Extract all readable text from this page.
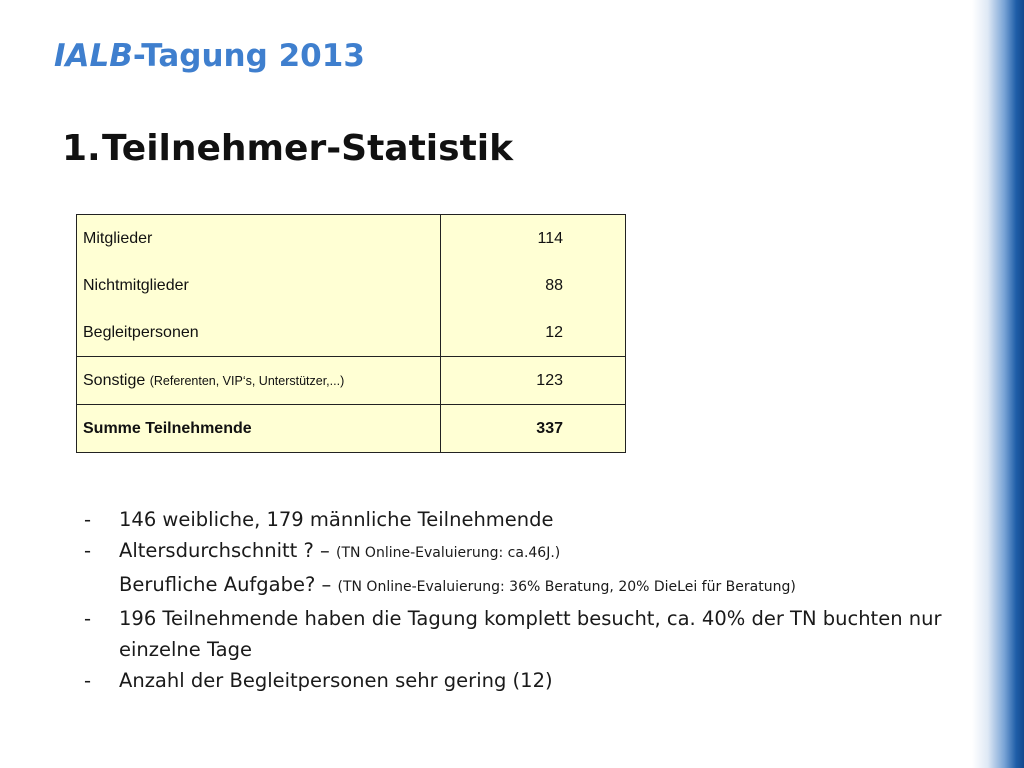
IALB-Tagung 2013
1.Teilnehmer-Statistik
Mitglieder	114
Nichtmitglieder	88
Begleitpersonen	12
Sonstige (Referenten, VIP‘s, Unterstützer,...)	123
Summe Teilnehmende	337
- 146 weibliche, 179 männliche Teilnehmende
- Altersdurchschnitt ? – (TN Online-Evaluierung: ca.46J.)
Berufliche Aufgabe? – (TN Online-Evaluierung: 36% Beratung, 20% DieLei für Beratung)
- 196 Teilnehmende haben die Tagung komplett besucht, ca. 40% der TN buchten nur einzelne Tage
- Anzahl der Begleitpersonen sehr gering (12)
